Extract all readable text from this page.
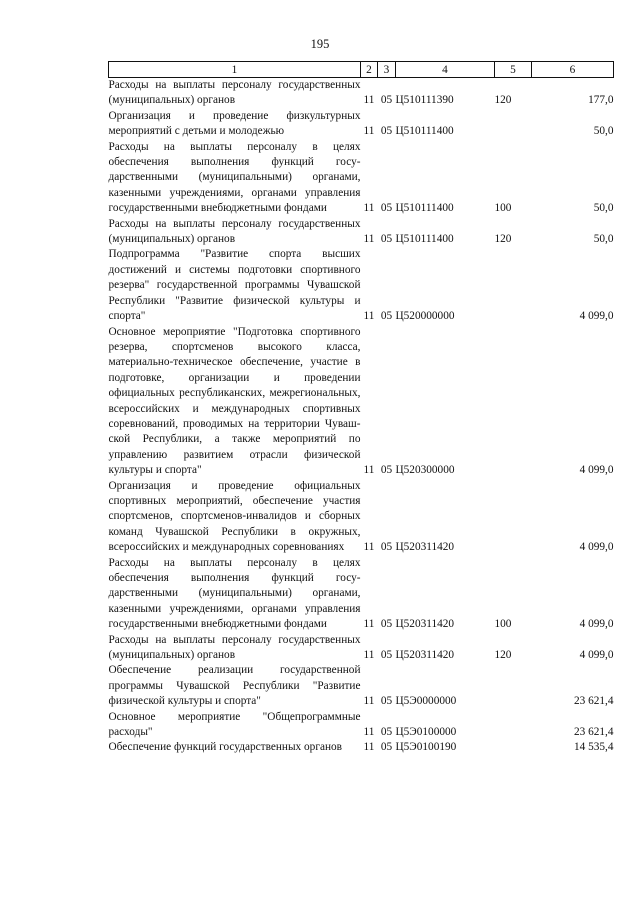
195
1	2	3	4	5	6
Расходы на выплаты персоналу государственных (муниципальных) органов	11	05	Ц510111390	120	177,0
Организация и проведение физкультурных мероприятий с детьми и молодежью	11	05	Ц510111400		50,0
Расходы на выплаты персоналу в целях обеспечения выполнения функций государственными (муниципальными) органами, казенными учреждениями, органами управления государственными внебюджетными фондами	11	05	Ц510111400	100	50,0
Расходы на выплаты персоналу государственных (муниципальных) органов	11	05	Ц510111400	120	50,0
Подпрограмма "Развитие спорта высших достижений и системы подготовки спортивного резерва" государственной программы Чувашской Республики "Развитие физической культуры и спорта"	11	05	Ц520000000		4 099,0
Основное мероприятие "Подготовка спортивного резерва, спортсменов высокого класса, материально-техническое обеспечение, участие в подготовке, организации и проведении официальных республиканских, межрегиональных, всероссийских и международных спортивных соревнований, проводимых на территории Чувашской Республики, а также мероприятий по управлению развитием отрасли физической культуры и спорта"	11	05	Ц520300000		4 099,0
Организация и проведение официальных спортивных мероприятий, обеспечение участия спортсменов, спортсменов-инвалидов и сборных команд Чувашской Республики в окружных, всероссийских и международных соревнованиях	11	05	Ц520311420		4 099,0
Расходы на выплаты персоналу в целях обеспечения выполнения функций государственными (муниципальными) органами, казенными учреждениями, органами управления государственными внебюджетными фондами	11	05	Ц520311420	100	4 099,0
Расходы на выплаты персоналу государственных (муниципальных) органов	11	05	Ц520311420	120	4 099,0
Обеспечение реализации государственной программы Чувашской Республики "Развитие физической культуры и спорта"	11	05	Ц5Э0000000		23 621,4
Основное мероприятие "Общепрограммные расходы"	11	05	Ц5Э0100000		23 621,4
Обеспечение функций государственных органов	11	05	Ц5Э0100190		14 535,4
